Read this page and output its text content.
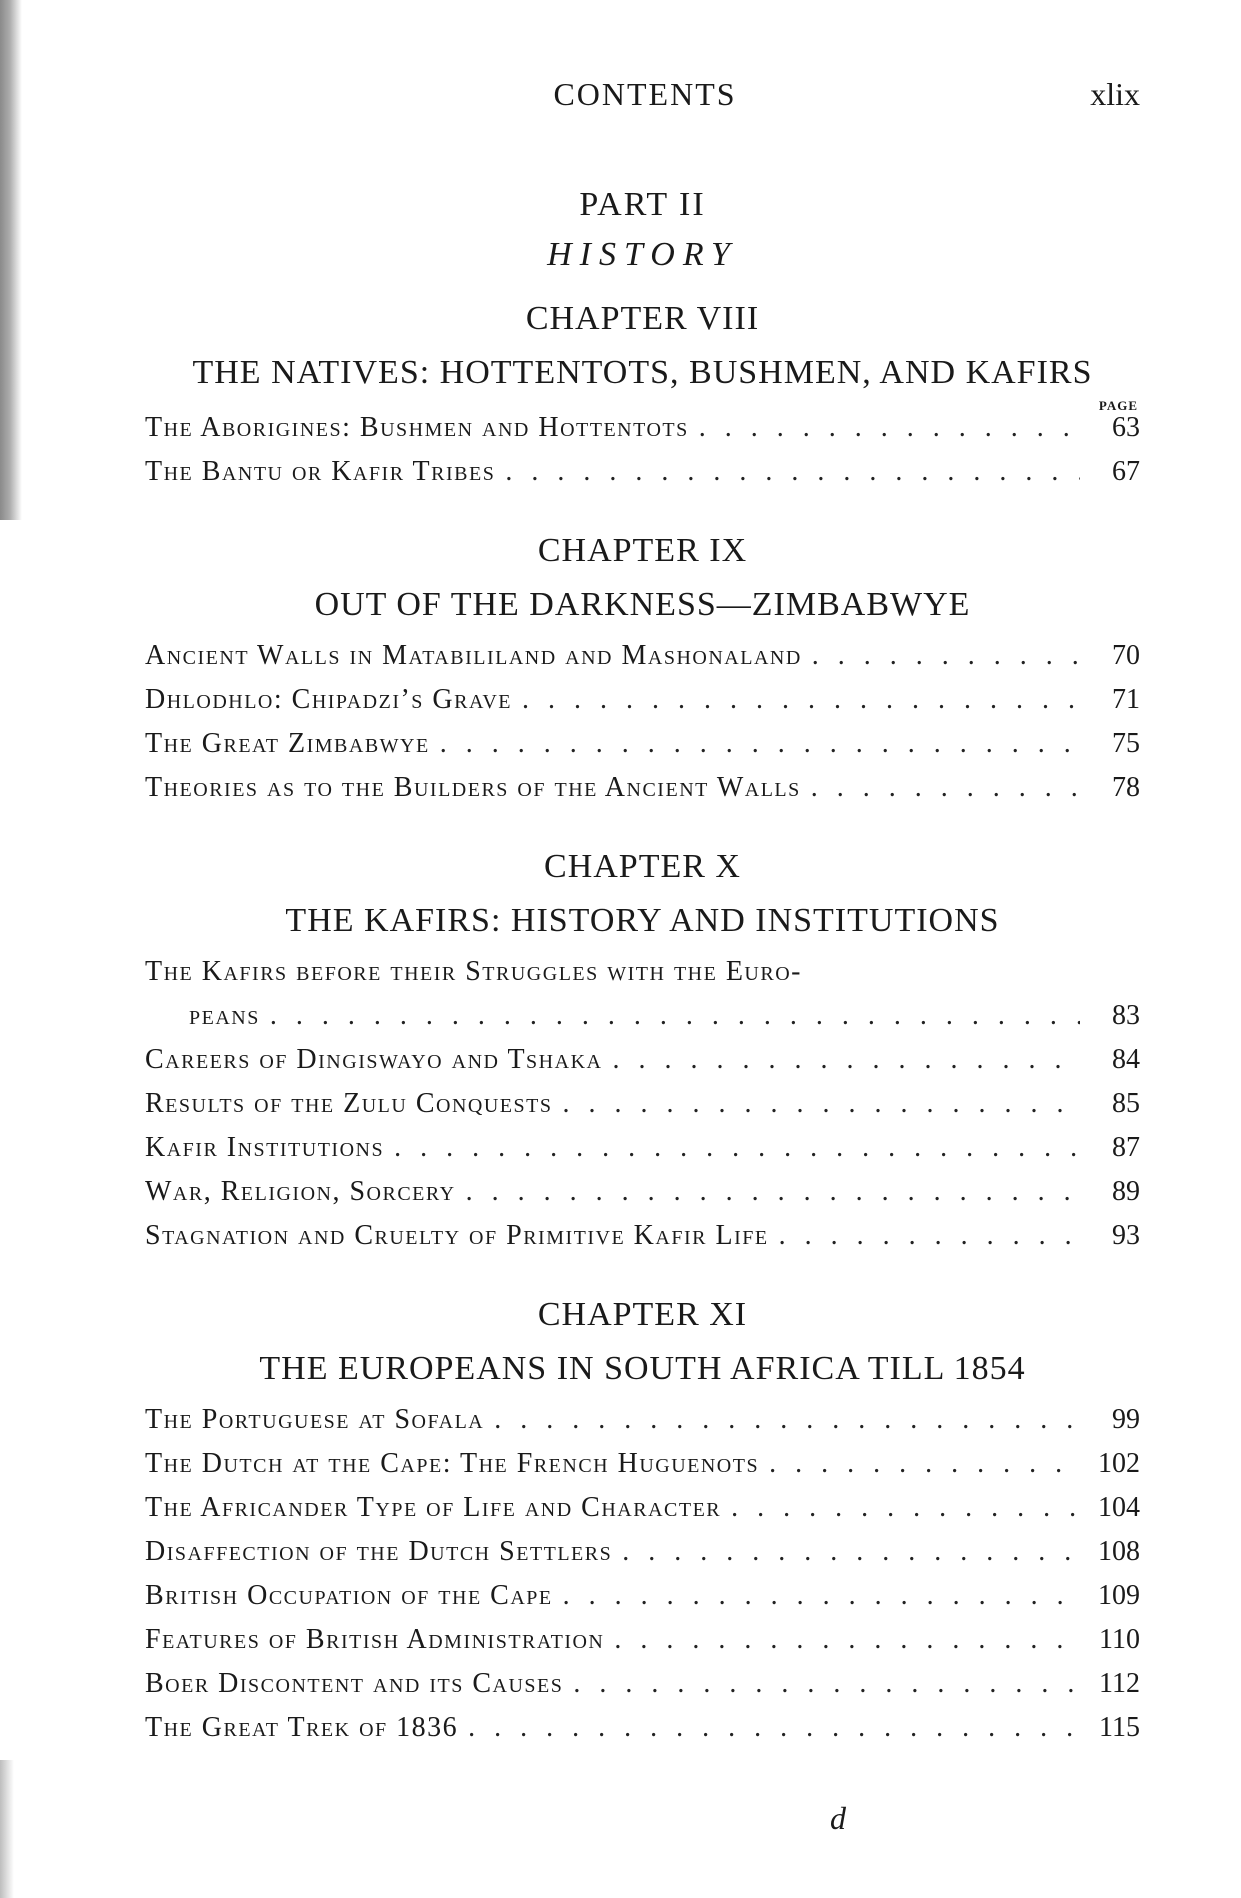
CONTENTS	xlix
PART II
HISTORY
CHAPTER VIII
THE NATIVES: HOTTENTOTS, BUSHMEN, AND KAFIRS
PAGE
The Aborigines: Bushmen and Hottentots . . .	63
The Bantu or Kafir Tribes . . .	67
CHAPTER IX
OUT OF THE DARKNESS—ZIMBABWYE
Ancient Walls in Matabililand and Mashonaland . . .	70
Dhlodhlo: Chipadzi’s Grave . . .	71
The Great Zimbabwye . . .	75
Theories as to the Builders of the Ancient Walls . . .	78
CHAPTER X
THE KAFIRS: HISTORY AND INSTITUTIONS
The Kafirs before their Struggles with the Euro-
peans . . .	83
Careers of Dingiswayo and Tshaka . . .	84
Results of the Zulu Conquests . . .	85
Kafir Institutions . . .	87
War, Religion, Sorcery . . .	89
Stagnation and Cruelty of Primitive Kafir Life . . .	93
CHAPTER XI
THE EUROPEANS IN SOUTH AFRICA TILL 1854
The Portuguese at Sofala . . .	99
The Dutch at the Cape: The French Huguenots . . .	102
The Africander Type of Life and Character . . .	104
Disaffection of the Dutch Settlers . . .	108
British Occupation of the Cape . . .	109
Features of British Administration . . .	110
Boer Discontent and its Causes . . .	112
The Great Trek of 1836 . . .	115
d
